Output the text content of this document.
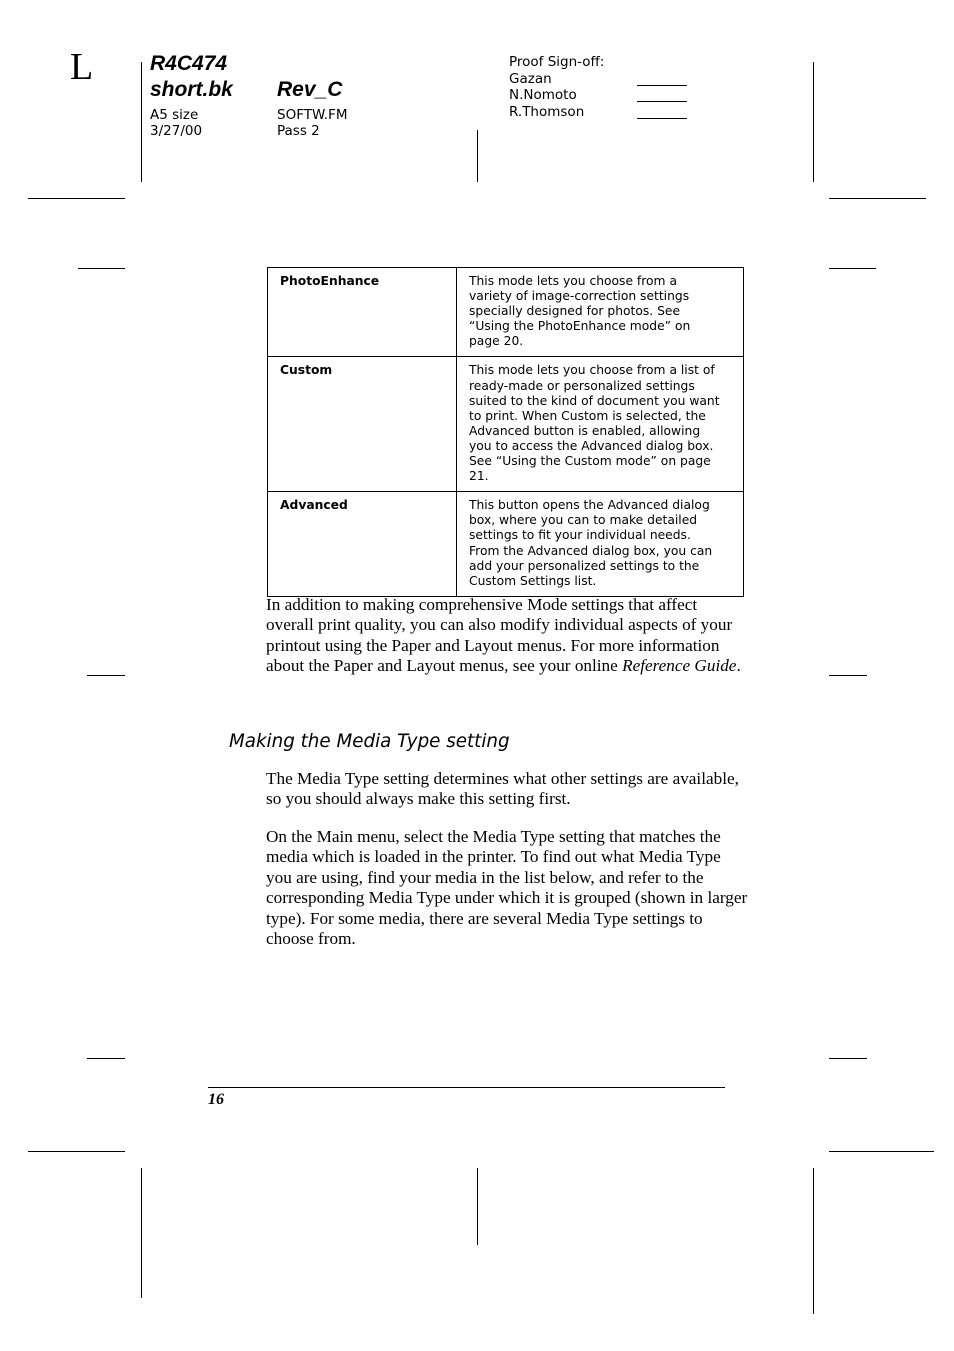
L	R4C474
short.bk Rev_C
A5 size
3/27/00
SOFTW.FM
Pass 2
Proof Sign-off:
Gazan
N.Nomoto
R.Thomson
PhotoEnhance	This mode lets you choose from a variety of image-correction settings specially designed for photos. See “Using the PhotoEnhance mode” on page 20.
Custom	This mode lets you choose from a list of ready-made or personalized settings suited to the kind of document you want to print. When Custom is selected, the Advanced button is enabled, allowing you to access the Advanced dialog box. See “Using the Custom mode” on page 21.
Advanced	This button opens the Advanced dialog box, where you can to make detailed settings to fit your individual needs. From the Advanced dialog box, you can add your personalized settings to the Custom Settings list.
In addition to making comprehensive Mode settings that affect overall print quality, you can also modify individual aspects of your printout using the Paper and Layout menus. For more information about the Paper and Layout menus, see your online Reference Guide.
Making the Media Type setting
The Media Type setting determines what other settings are available, so you should always make this setting first.
On the Main menu, select the Media Type setting that matches the media which is loaded in the printer. To find out what Media Type you are using, find your media in the list below, and refer to the corresponding Media Type under which it is grouped (shown in larger type). For some media, there are several Media Type settings to choose from.
16
